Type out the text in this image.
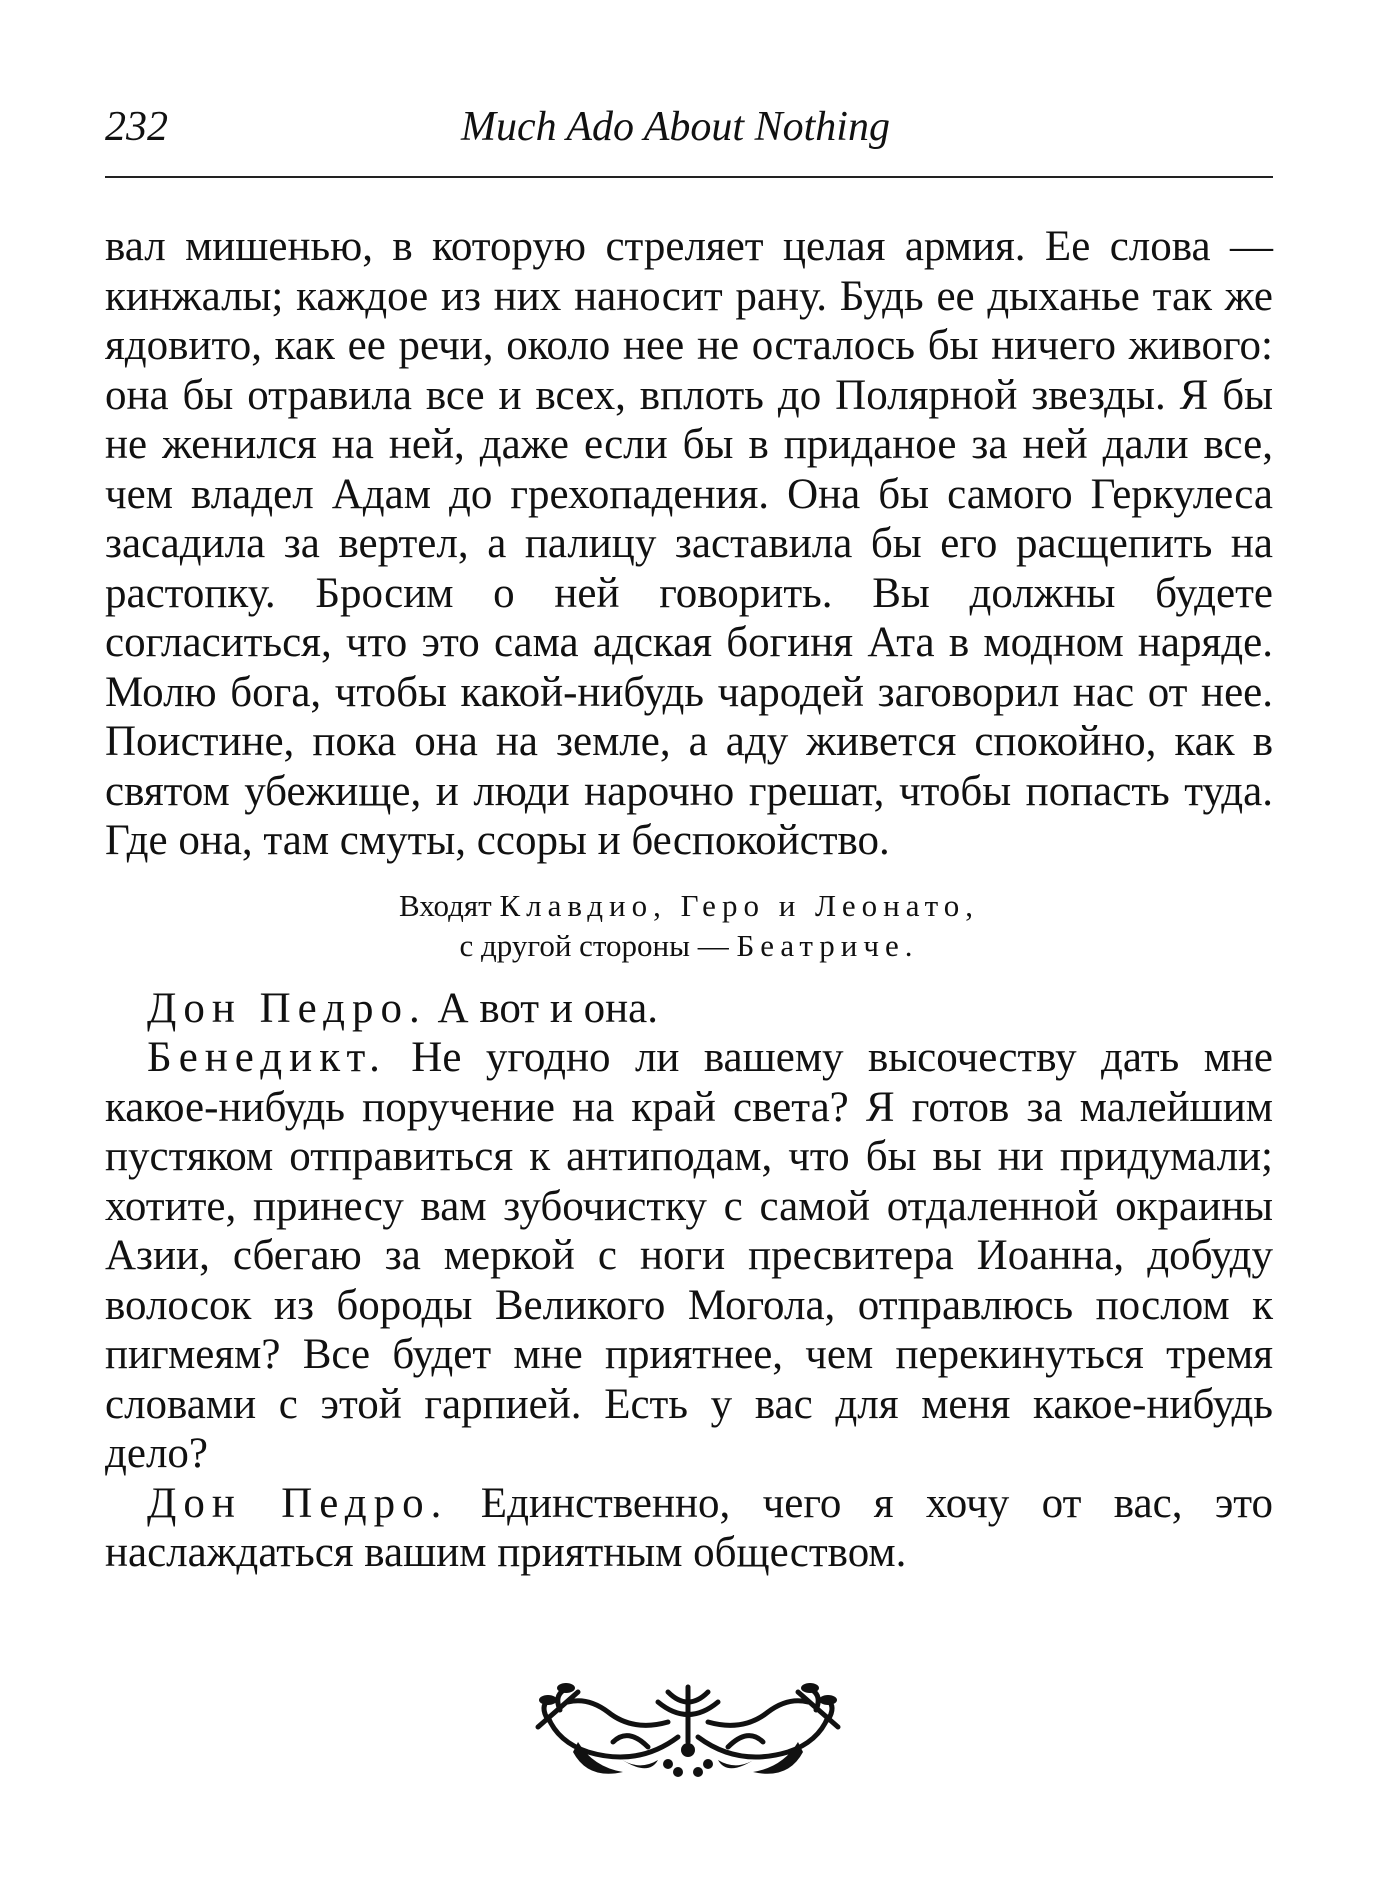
232	Much Ado About Nothing

вал мишенью, в которую стреляет целая армия. Ее слова — кинжалы; каждое из них наносит рану. Будь ее дыханье так же ядовито, как ее речи, около нее не осталось бы ничего живого: она бы отравила все и всех, вплоть до Полярной звезды. Я бы не женился на ней, даже если бы в приданое за ней дали все, чем владел Адам до грехопадения. Она бы самого Геркулеса засадила за вертел, а палицу заставила бы его расщепить на растопку. Бросим о ней говорить. Вы должны будете согласиться, что это сама адская богиня Ата в модном наряде. Молю бога, чтобы какой-нибудь чародей заговорил нас от нее. Поистине, пока она на земле, а аду живется спокойно, как в святом убежище, и люди нарочно грешат, чтобы попасть туда. Где она, там смуты, ссоры и беспокойство.

Входят Клавдио, Геро и Леонато,
с другой стороны — Беатриче.

Дон Педро. А вот и она.

Бенедикт. Не угодно ли вашему высочеству дать мне какое-нибудь поручение на край света? Я готов за малейшим пустяком отправиться к антиподам, что бы вы ни придумали; хотите, принесу вам зубочистку с самой отдаленной окраины Азии, сбегаю за меркой с ноги пресвитера Иоанна, добуду волосок из бороды Великого Могола, отправлюсь послом к пигмеям? Все будет мне приятнее, чем перекинуться тремя словами с этой гарпией. Есть у вас для меня какое-нибудь дело?

Дон Педро. Единственно, чего я хочу от вас, это наслаждаться вашим приятным обществом.
